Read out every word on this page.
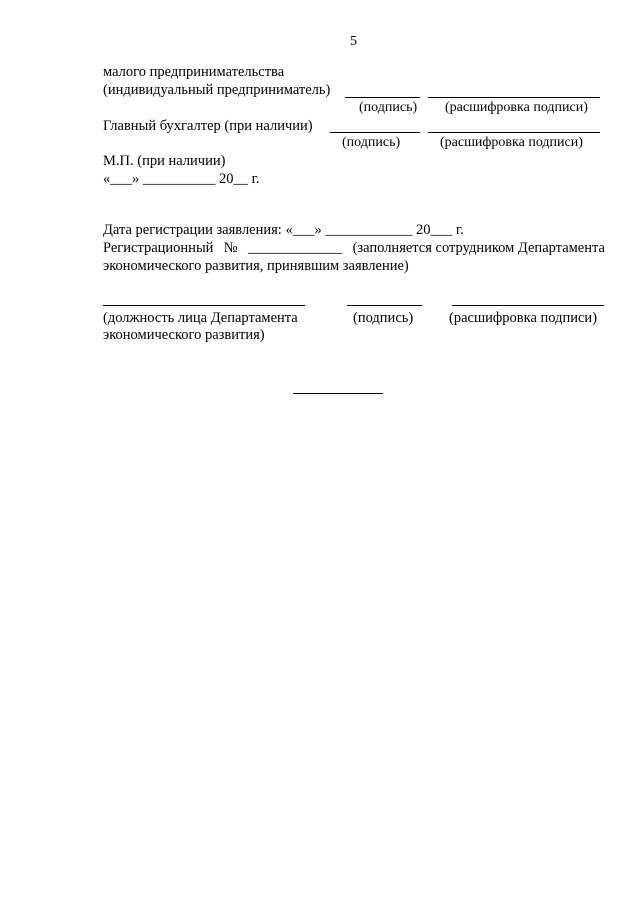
5
малого предпринимательства
(индивидуальный предприниматель)
(подпись) (расшифровка подписи)
Главный бухгалтер (при наличии)
(подпись)	(расшифровка подписи)
М.П. (при наличии)
«___» __________ 20__ г.
Дата регистрации заявления: «___» ____________ 20___ г.
Регистрационный № _____________ (заполняется сотрудником Департамента
экономического развития, принявшим заявление)
(должность лица Департамента	(подпись) (расшифровка подписи)
экономического развития)
